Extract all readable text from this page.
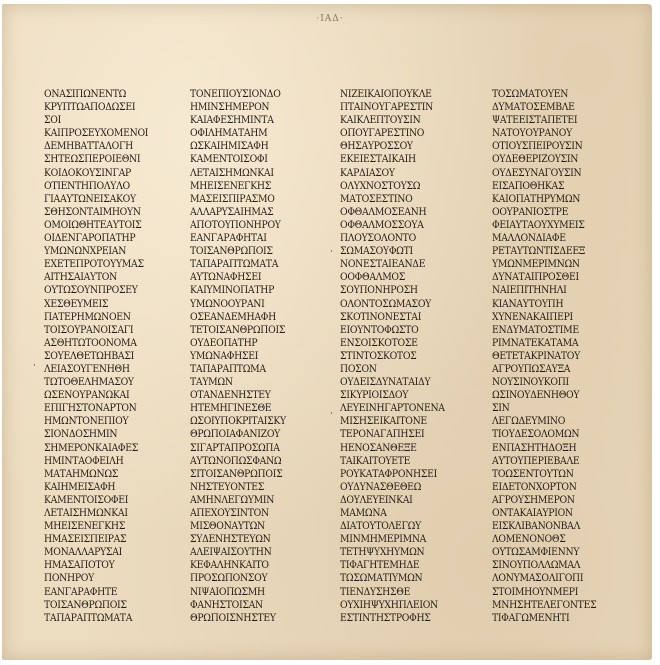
·ΙΑΔ·
·
·
·
ΟΝΑΣΙΠΩΝΕΝΤΩ
ΚΡΥΠΤΩΑΠΟΔΩΣΕΙ
ΣΟΙ
ΚΑΙΠΡΟΣΕΥΧΟΜΕΝΟΙ
ΔΕΜΗΒΑΤΤΑΛΟΓΗ
ΣΗΤΕΩΣΠΕΡΟΙΕΘΝΙ
ΚΟΙΔΟΚΟΥΣΙΝΓΑΡ
ΟΤΙΕΝΤΗΠΟΛΥΛΟ
ΓΙΑΑΥΤΩΝΕΙΣΑΚΟΥ
ΣΘΗΣΟΝΤΑΙΜΗΟΥΝ
ΟΜΟΙΩΘΗΤΕΑΥΤΟΙΣ
ΟΙΔΕΝΓΑΡΟΠΑΤΗΡ
ΥΜΩΝΩΝΧΡΕΙΑΝ
ΕΧΕΤΕΠΡΟΤΟΥΥΜΑΣ
ΑΙΤΗΣΑΙΑΥΤΟΝ
ΟΥΤΩΣΟΥΝΠΡΟΣΕΥ
ΧΕΣΘΕΥΜΕΙΣ
ΠΑΤΕΡΗΜΩΝΟΕΝ
ΤΟΙΣΟΥΡΑΝΟΙΣΑΓΙ
ΑΣΘΗΤΩΤΟΟΝΟΜΑ
ΣΟΥΕΛΘΕΤΩΗΒΑΣΙ
ΛΕΙΑΣΟΥΓΕΝΗΘΗ
ΤΩΤΟΘΕΛΗΜΑΣΟΥ
ΩΣΕΝΟΥΡΑΝΩΚΑΙ
ΕΠΙΓΗΣΤΟΝΑΡΤΟΝ
ΗΜΩΝΤΟΝΕΠΙΟΥ
ΣΙΟΝΔΟΣΗΜΙΝ
ΣΗΜΕΡΟΝΚΑΙΑΦΕΣ
ΗΜΙΝΤΑΟΦΕΙΛΗ
ΜΑΤΑΗΜΩΝΩΣ
ΚΑΙΗΜΕΙΣΑΦΗ
ΚΑΜΕΝΤΟΙΣΟΦΕΙ
ΛΕΤΑΙΣΗΜΩΝΚΑΙ
ΜΗΕΙΣΕΝΕΓΚΗΣ
ΗΜΑΣΕΙΣΠΕΙΡΑΣ
ΜΟΝΑΛΛΑΡΥΣΑΙ
ΗΜΑΣΑΠΟΤΟΥ
ΠΟΝΗΡΟΥ
ΕΑΝΓΑΡΑΦΗΤΕ
ΤΟΙΣΑΝΘΡΩΠΟΙΣ
ΤΑΠΑΡΑΠΤΩΜΑΤΑ
ΤΟΝΕΠΙΟΥΣΙΟΝΔΟ
ΗΜΙΝΣΗΜΕΡΟΝ
ΚΑΙΑΦΕΣΗΜΙΝΤΑ
ΟΦΙΛΗΜΑΤΑΗΜ
ΩΣΚΑΙΗΜΙΣΑΦΗ
ΚΑΜΕΝΤΟΙΣΟΦΙ
ΛΕΤΑΙΣΗΜΩΝΚΑΙ
ΜΗΕΙΣΕΝΕΓΚΗΣ
ΜΑΣΕΙΣΠΙΡΑΣΜΟ
ΑΛΛΑΡΥΣΑΙΗΜΑΣ
ΑΠΟΤΟΥΠΟΝΗΡΟΥ
ΕΑΝΓΑΡΑΦΗΤΑΙ
ΤΟΙΣΑΝΘΡΩΠΟΙΣ
ΤΑΠΑΡΑΠΤΩΜΑΤΑ
ΑΥΤΩΝΑΦΗΣΕΙ
ΚΑΙΥΜΙΝΟΠΑΤΗΡ
ΥΜΩΝΟΟΥΡΑΝΙ
ΟΣΕΑΝΔΕΜΗΑΦΗ
ΤΕΤΟΙΣΑΝΘΡΩΠΟΙΣ
ΟΥΔΕΟΠΑΤΗΡ
ΥΜΩΝΑΦΗΣΕΙ
ΤΑΠΑΡΑΠΤΩΜΑ
ΤΑΥΜΩΝ
ΟΤΑΝΔΕΝΗΣΤΕΥ
ΗΤΕΜΗΓΙΝΕΣΘΕ
ΩΣΟΙΥΠΟΚΡΙΤΑΙΣΚΥ
ΘΡΩΠΟΙΑΦΑΝΙΖΟΥ
ΣΙΓΑΡΤΑΠΡΟΣΩΠΑ
ΑΥΤΩΝΟΠΩΣΦΑΝΩ
ΣΙΤΟΙΣΑΝΘΡΩΠΟΙΣ
ΝΗΣΤΕΥΟΝΤΕΣ
ΑΜΗΝΛΕΓΩΥΜΙΝ
ΑΠΕΧΟΥΣΙΝΤΟΝ
ΜΙΣΘΟΝΑΥΤΩΝ
ΣΥΔΕΝΗΣΤΕΥΩΝ
ΑΛΕΙΨΑΙΣΟΥΤΗΝ
ΚΕΦΑΛΗΝΚΑΙΤΟ
ΠΡΟΣΩΠΟΝΣΟΥ
ΝΙΨΑΙΟΠΩΣΜΗ
ΦΑΝΗΣΤΟΙΣΑΝ
ΘΡΩΠΟΙΣΝΗΣΤΕΥ
ΝΙΖΕΙΚΑΙΟΠΟΥΚΛΕ
ΠΤΑΙΝΟΥΓΑΡΕΣΤΙΝ
ΚΑΙΚΛΕΠΤΟΥΣΙΝ
ΟΠΟΥΓΑΡΕΣΤΙΝΟ
ΘΗΣΑΥΡΟΣΣΟΥ
ΕΚΕΙΕΣΤΑΙΚΑΙΗ
ΚΑΡΔΙΑΣΟΥ
ΟΛΥΧΝΟΣΤΟΥΣΩ
ΜΑΤΟΣΕΣΤΙΝΟ
ΟΦΘΑΛΜΟΣΕΑΝΗ
ΟΦΘΑΛΜΟΣΣΟΥΑ
ΠΛΟΥΣΟΛΟΝΤΟ
ΣΩΜΑΣΟΥΦΩΤΙ
ΝΟΝΕΣΤΑΙΕΑΝΔΕ
ΟΟΦΘΑΛΜΟΣ
ΣΟΥΠΟΝΗΡΟΣΗ
ΟΛΟΝΤΟΣΩΜΑΣΟΥ
ΣΚΟΤΙΝΟΝΕΣΤΑΙ
ΕΙΟΥΝΤΟΦΩΣΤΟ
ΕΝΣΟΙΣΚΟΤΟΣΕ
ΣΤΙΝΤΟΣΚΟΤΟΣ
ΠΟΣΟΝ
ΟΥΔΕΙΣΔΥΝΑΤΑΙΔΥ
ΣΙΚΥΡΙΟΙΣΔΟΥ
ΛΕΥΕΙΝΗΓΑΡΤΟΝΕΝΑ
ΜΙΣΗΣΕΙΚΑΙΤΟΝΕ
ΤΕΡΟΝΑΓΑΠΗΣΕΙ
ΗΕΝΟΣΑΝΘΕΞΕ
ΤΑΙΚΑΙΤΟΥΕΤΕ
ΡΟΥΚΑΤΑΦΡΟΝΗΣΕΙ
ΟΥΔΥΝΑΣΘΕΘΕΩ
ΔΟΥΛΕΥΕΙΝΚΑΙ
ΜΑΜΩΝΑ
ΔΙΑΤΟΥΤΟΛΕΓΩΥ
ΜΙΝΜΗΜΕΡΙΜΝΑ
ΤΕΤΗΨΥΧΗΥΜΩΝ
ΤΙΦΑΓΗΤΕΜΗΔΕ
ΤΩΣΩΜΑΤΙΥΜΩΝ
ΤΙΕΝΔΥΣΗΣΘΕ
ΟΥΧΙΗΨΥΧΗΠΛΕΙΟΝ
ΕΣΤΙΝΤΗΣΤΡΟΦΗΣ
ΤΟΣΩΜΑΤΟΥΕΝ
ΔΥΜΑΤΟΣΕΜΒΛΕ
ΨΑΤΕΕΙΣΤΑΠΕΤΕΙ
ΝΑΤΟΥΟΥΡΑΝΟΥ
ΟΤΙΟΥΣΠΕΙΡΟΥΣΙΝ
ΟΥΔΕΘΕΡΙΖΟΥΣΙΝ
ΟΥΔΕΣΥΝΑΓΟΥΣΙΝ
ΕΙΣΑΠΟΘΗΚΑΣ
ΚΑΙΟΠΑΤΗΡΥΜΩΝ
ΟΟΥΡΑΝΙΟΣΤΡΕ
ΦΕΙΑΥΤΑΟΥΧΥΜΕΙΣ
ΜΑΛΛΟΝΔΙΑΦΕ
ΡΕΤΑΥΤΩΝΤΙΣΔΕΕΞ
ΥΜΩΝΜΕΡΙΜΝΩΝ
ΔΥΝΑΤΑΙΠΡΟΣΘΕΙ
ΝΑΙΕΠΙΤΗΝΗΛΙ
ΚΙΑΝΑΥΤΟΥΠΗ
ΧΥΝΕΝΑΚΑΙΠΕΡΙ
ΕΝΔΥΜΑΤΟΣΤΙΜΕ
ΡΙΜΝΑΤΕΚΑΤΑΜΑ
ΘΕΤΕΤΑΚΡΙΝΑΤΟΥ
ΑΓΡΟΥΠΩΣΑΥΞΑ
ΝΟΥΣΙΝΟΥΚΟΠΙ
ΩΣΙΝΟΥΔΕΝΗΘΟΥ
ΣΙΝ
ΛΕΓΩΔΕΥΜΙΝΟ
ΤΙΟΥΔΕΣΟΛΟΜΩΝ
ΕΝΠΑΣΗΤΗΔΟΞΗ
ΑΥΤΟΥΠΕΡΙΕΒΑΛΕ
ΤΟΩΣΕΝΤΟΥΤΩΝ
ΕΙΔΕΤΟΝΧΟΡΤΟΝ
ΑΓΡΟΥΣΗΜΕΡΟΝ
ΟΝΤΑΚΑΙΑΥΡΙΟΝ
ΕΙΣΚΛΙΒΑΝΟΝΒΑΛ
ΛΟΜΕΝΟΝΟΘΣ
ΟΥΤΩΣΑΜΦΙΕΝΝΥ
ΣΙΝΟΥΠΟΛΛΩΜΑΛ
ΛΟΝΥΜΑΣΟΛΙΓΟΠΙ
ΣΤΟΙΜΗΟΥΝΜΕΡΙ
ΜΝΗΣΗΤΕΛΕΓΟΝΤΕΣ
ΤΙΦΑΓΩΜΕΝΗΤΙ
